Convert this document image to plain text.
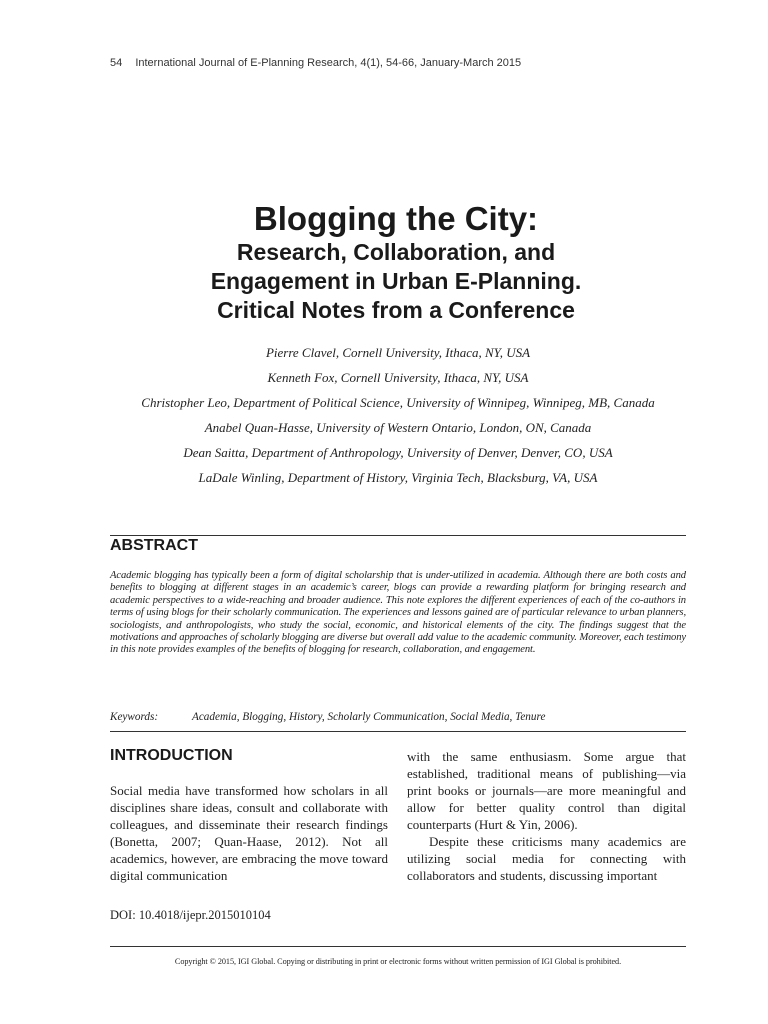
54 International Journal of E-Planning Research, 4(1), 54-66, January-March 2015
Blogging the City:
Research, Collaboration, and
Engagement in Urban E-Planning.
Critical Notes from a Conference
Pierre Clavel, Cornell University, Ithaca, NY, USA
Kenneth Fox, Cornell University, Ithaca, NY, USA
Christopher Leo, Department of Political Science, University of Winnipeg, Winnipeg, MB, Canada
Anabel Quan-Hasse, University of Western Ontario, London, ON, Canada
Dean Saitta, Department of Anthropology, University of Denver, Denver, CO, USA
LaDale Winling, Department of History, Virginia Tech, Blacksburg, VA, USA
ABSTRACT
Academic blogging has typically been a form of digital scholarship that is under-utilized in academia. Although there are both costs and benefits to blogging at different stages in an academic’s career, blogs can provide a rewarding platform for bringing research and academic perspectives to a wide-reaching and broader audience. This note explores the different experiences of each of the co-authors in terms of using blogs for their scholarly communication. The experiences and lessons gained are of particular relevance to urban planners, sociologists, and anthropologists, who study the social, economic, and historical elements of the city. The findings suggest that the motivations and approaches of scholarly blogging are diverse but overall add value to the academic community. Moreover, each testimony in this note provides examples of the benefits of blogging for research, collaboration, and engagement.
Keywords:	Academia, Blogging, History, Scholarly Communication, Social Media, Tenure
INTRODUCTION

Social media have transformed how scholars in all disciplines share ideas, consult and collaborate with colleagues, and disseminate their research findings (Bonetta, 2007; Quan-Haase, 2012). Not all academics, however, are embracing the move toward digital communication

with the same enthusiasm. Some argue that established, traditional means of publishing—via print books or journals—are more meaningful and allow for better quality control than digital counterparts (Hurt & Yin, 2006).

Despite these criticisms many academics are utilizing social media for connecting with collaborators and students, discussing important

DOI: 10.4018/ijepr.2015010104
Copyright © 2015, IGI Global. Copying or distributing in print or electronic forms without written permission of IGI Global is prohibited.
